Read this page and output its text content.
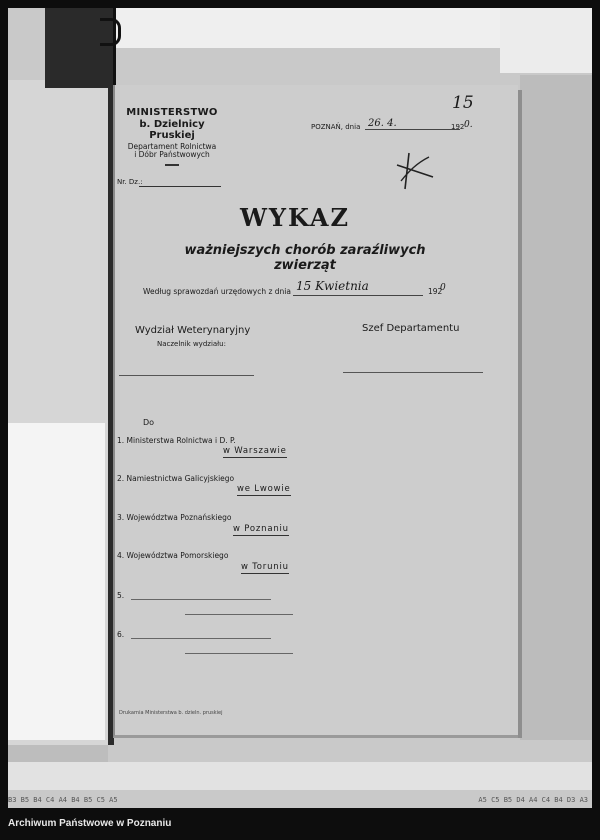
15
MINISTERSTWO
b. Dzielnicy Pruskiej
Departament Rolnictwa
i Dóbr Państwowych
Nr. Dz.:
POZNAŃ, dnia 26. 4.	192 0.
WYKAZ
ważniejszych chorób zaraźliwych zwierząt
Według sprawozdań urzędowych z dnia 15 Kwietnia	192
0
Wydział Weterynaryjny
Naczelnik wydziału:
Szef Departamentu
Do
1. Ministerstwa Rolnictwa i D. P.
w Warszawie
2. Namiestnictwa Galicyjskiego
we Lwowie
3. Województwa Poznańskiego
w Poznaniu
4. Województwa Pomorskiego
w Toruniu
5.
6.
Drukarnia Ministerstwa b. dzieln. pruskiej
B3 B5 B4 C4 A4 B4 B5 C5 A5	A5 C5 B5 D4 A4 C4 B4 D3 A3
Archiwum Państwowe w Poznaniu
